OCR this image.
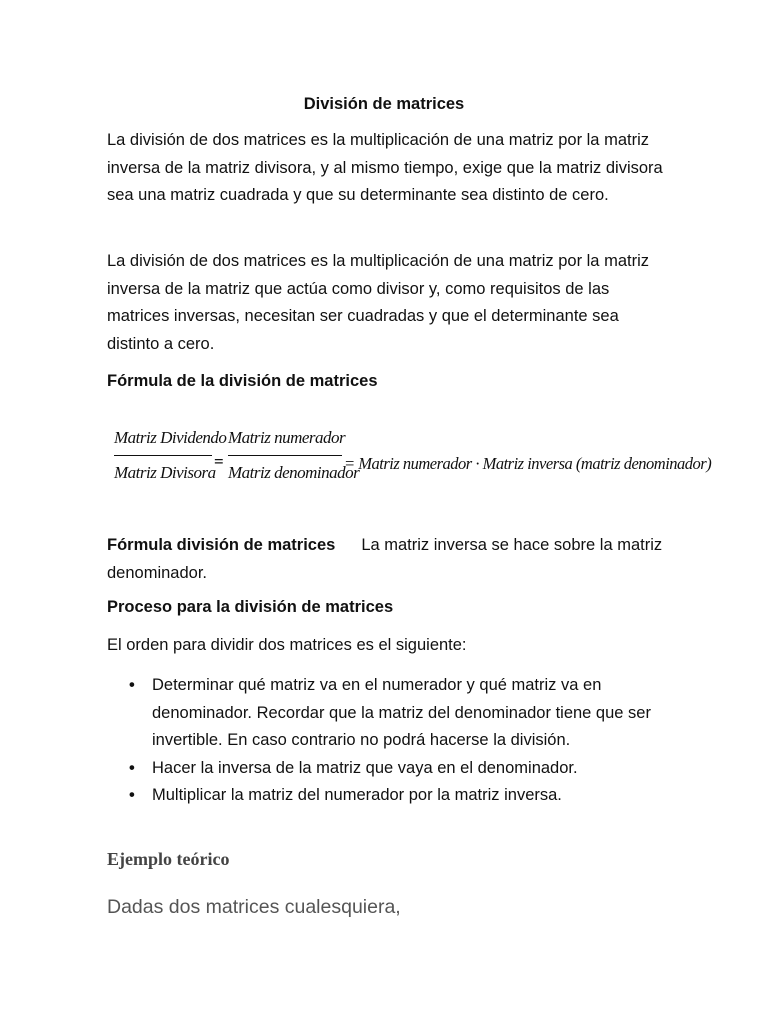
División de matrices
La división de dos matrices es la multiplicación de una matriz por la matriz inversa de la matriz divisora, y al mismo tiempo, exige que la matriz divisora sea una matriz cuadrada y que su determinante sea distinto de cero.
La división de dos matrices es la multiplicación de una matriz por la matriz inversa de la matriz que actúa como divisor y, como requisitos de las matrices inversas, necesitan ser cuadradas y que el determinante sea distinto a cero.
Fórmula de la división de matrices
Matriz Dividendo
Matriz Divisora
=
Matriz numerador
Matriz denominador
= Matriz numerador · Matriz inversa (matriz denominador)
Fórmula división de matrices La matriz inversa se hace sobre la matriz denominador.
Proceso para la división de matrices
El orden para dividir dos matrices es el siguiente:
• Determinar qué matriz va en el numerador y qué matriz va en denominador. Recordar que la matriz del denominador tiene que ser invertible. En caso contrario no podrá hacerse la división.
• Hacer la inversa de la matriz que vaya en el denominador.
• Multiplicar la matriz del numerador por la matriz inversa.
Ejemplo teórico
Dadas dos matrices cualesquiera,
